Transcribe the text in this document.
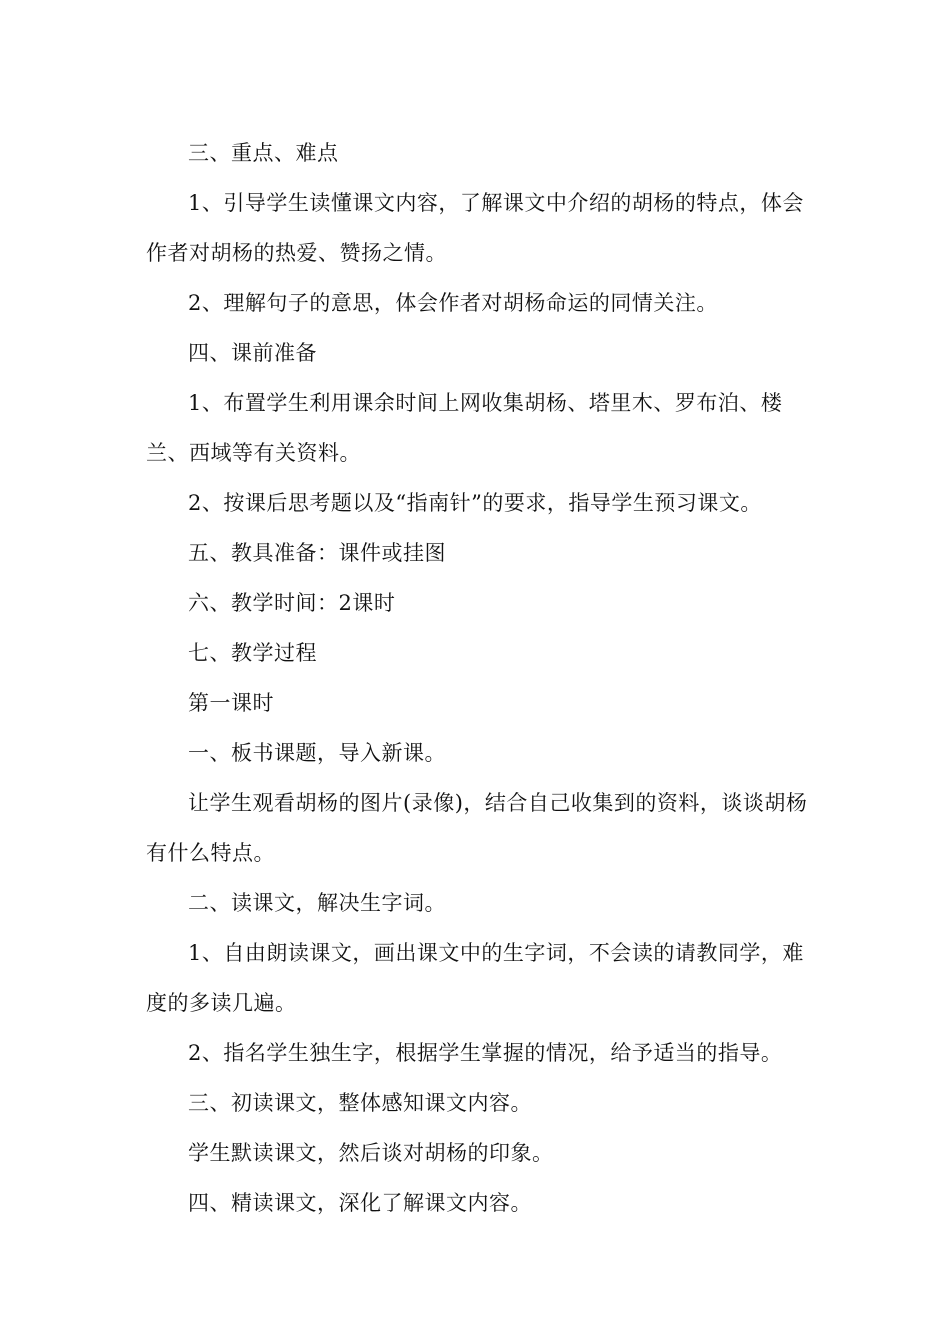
三、重点、难点

1、引导学生读懂课文内容，了解课文中介绍的胡杨的特点，体会作者对胡杨的热爱、赞扬之情。

2、理解句子的意思，体会作者对胡杨命运的同情关注。

四、课前准备

1、布置学生利用课余时间上网收集胡杨、塔里木、罗布泊、楼兰、西域等有关资料。

2、按课后思考题以及“指南针”的要求，指导学生预习课文。

五、教具准备：课件或挂图

六、教学时间：2课时

七、教学过程

第一课时

一、板书课题，导入新课。

让学生观看胡杨的图片(录像)，结合自己收集到的资料，谈谈胡杨有什么特点。

二、读课文，解决生字词。

1、自由朗读课文，画出课文中的生字词，不会读的请教同学，难度的多读几遍。

2、指名学生独生字，根据学生掌握的情况，给予适当的指导。

三、初读课文，整体感知课文内容。

学生默读课文，然后谈对胡杨的印象。

四、精读课文，深化了解课文内容。
